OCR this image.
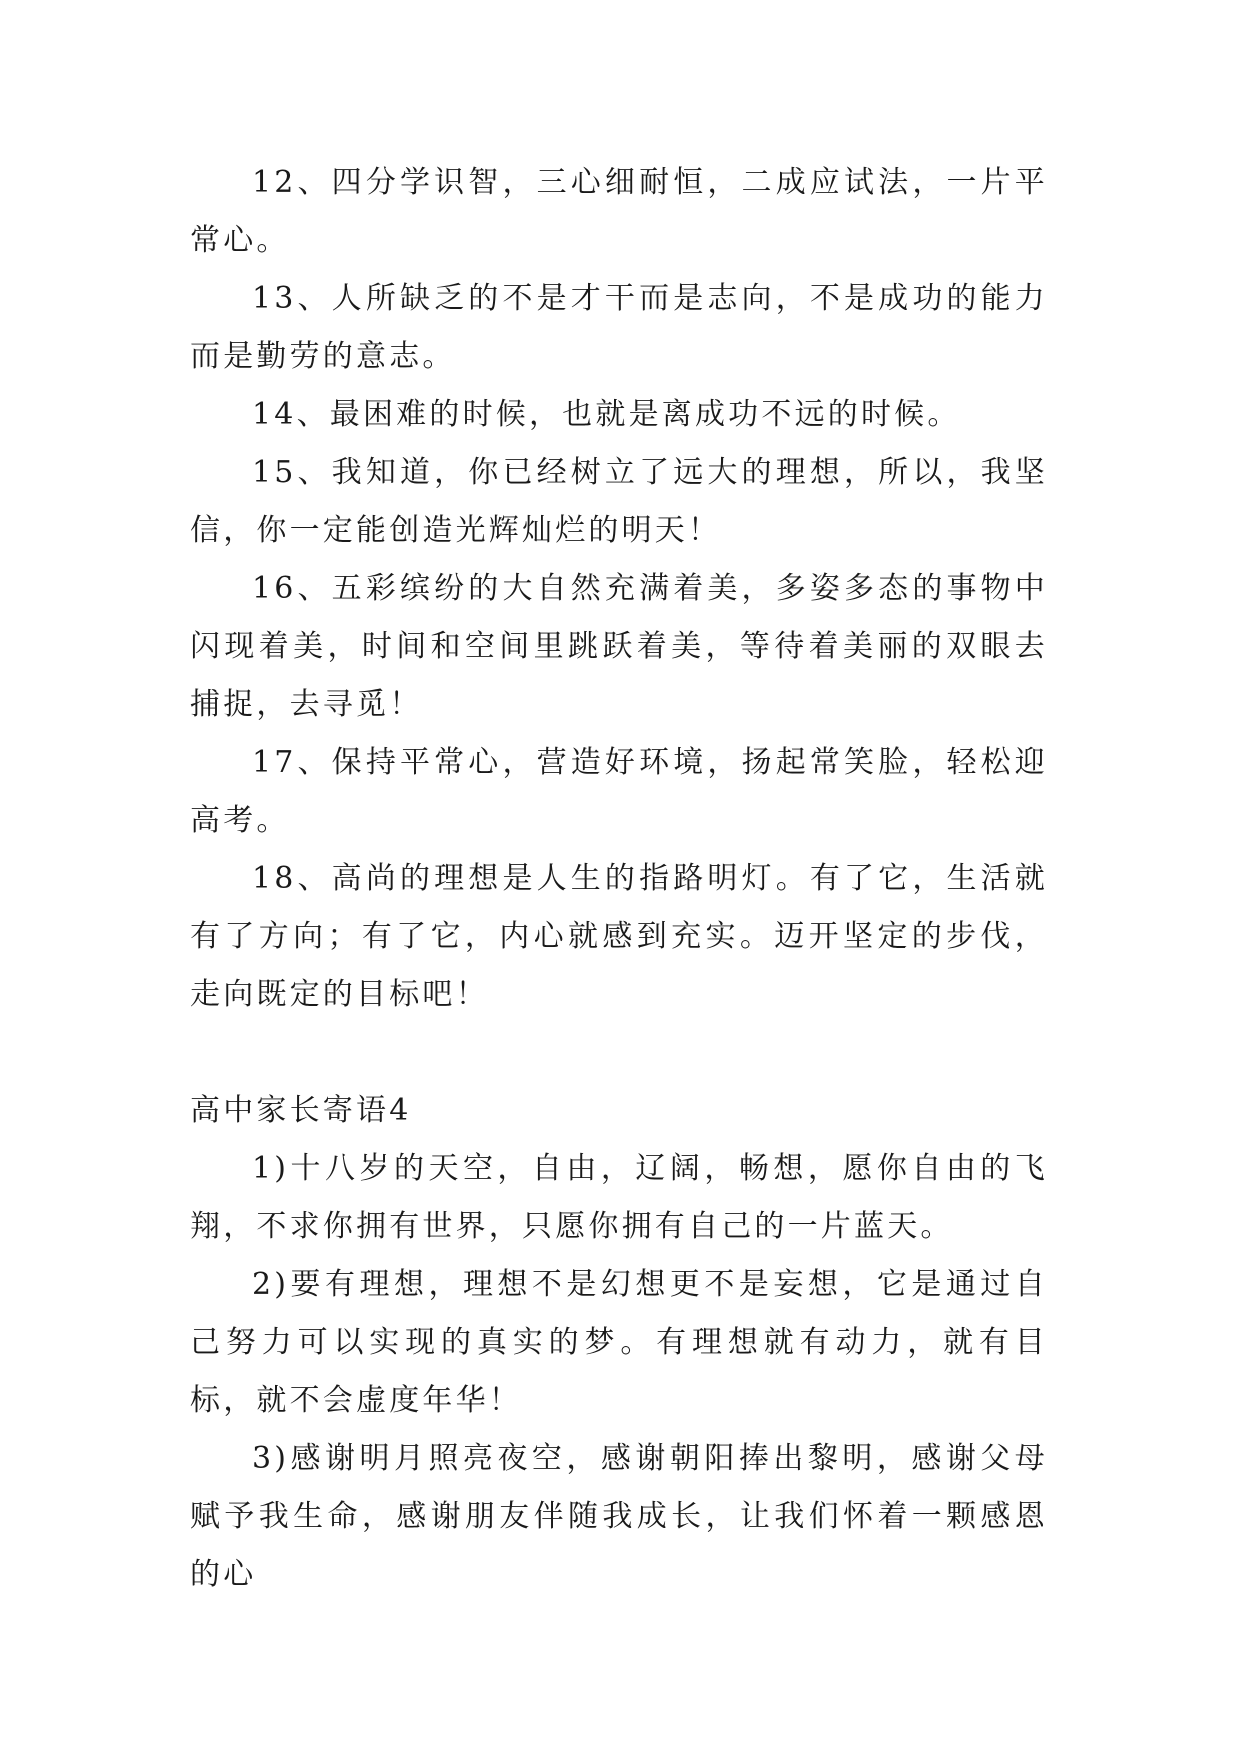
12、四分学识智，三心细耐恒，二成应试法，一片平常心。

13、人所缺乏的不是才干而是志向，不是成功的能力而是勤劳的意志。

14、最困难的时候，也就是离成功不远的时候。

15、我知道，你已经树立了远大的理想，所以，我坚信，你一定能创造光辉灿烂的明天！

16、五彩缤纷的大自然充满着美，多姿多态的事物中闪现着美，时间和空间里跳跃着美，等待着美丽的双眼去捕捉，去寻觅！

17、保持平常心，营造好环境，扬起常笑脸，轻松迎高考。

18、高尚的理想是人生的指路明灯。有了它，生活就有了方向；有了它，内心就感到充实。迈开坚定的步伐，走向既定的目标吧！

高中家长寄语4

1)十八岁的天空，自由，辽阔，畅想，愿你自由的飞翔，不求你拥有世界，只愿你拥有自己的一片蓝天。

2)要有理想，理想不是幻想更不是妄想，它是通过自己努力可以实现的真实的梦。有理想就有动力，就有目标，就不会虚度年华！

3)感谢明月照亮夜空，感谢朝阳捧出黎明，感谢父母赋予我生命，感谢朋友伴随我成长，让我们怀着一颗感恩的心
